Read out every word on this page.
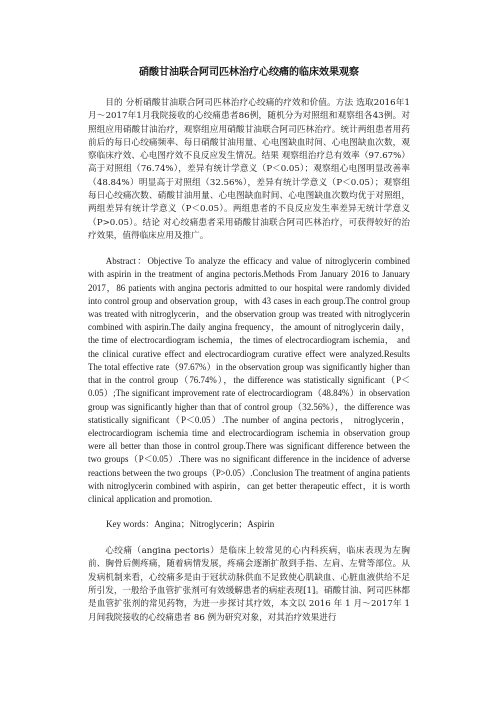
硝酸甘油联合阿司匹林治疗心绞痛的临床效果观察

目的 分析硝酸甘油联合阿司匹林治疗心绞痛的疗效和价值。方法 选取2016年1月～2017年1月我院接收的心绞痛患者86例，随机分为对照组和观察组各43例。对照组应用硝酸甘油治疗，观察组应用硝酸甘油联合阿司匹林治疗。统计两组患者用药前后的每日心绞痛频率、每日硝酸甘油用量、心电图缺血时间、心电图缺血次数，观察临床疗效、心电图疗效不良反应发生情况。结果 观察组治疗总有效率（97.67%）高于对照组（76.74%），差异有统计学意义（P＜0.05）；观察组心电图明显改善率（48.84%）明显高于对照组（32.56%），差异有统计学意义（P＜0.05）；观察组每日心绞痛次数、硝酸甘油用量、心电图缺血时间、心电图缺血次数均优于对照组，两组差异有统计学意义（P＜0.05）。两组患者的不良反应发生率差异无统计学意义（P>0.05）。结论 对心绞痛患者采用硝酸甘油联合阿司匹林治疗，可获得较好的治疗效果，值得临床应用及推广。

Abstract：Objective To analyze the efficacy and value of nitroglycerin combined with aspirin in the treatment of angina pectoris.Methods From January 2016 to January 2017，86 patients with angina pectoris admitted to our hospital were randomly divided into control group and observation group，with 43 cases in each group.The control group was treated with nitroglycerin，and the observation group was treated with nitroglycerin combined with aspirin.The daily angina frequency，the amount of nitroglycerin daily，the time of electrocardiogram ischemia，the times of electrocardiogram ischemia， and the clinical curative effect and electrocardiogram curative effect were analyzed.Results The total effective rate（97.67%）in the observation group was significantly higher than that in the control group（76.74%），the difference was statistically significant（P＜0.05）;The significant improvement rate of electrocardiogram（48.84%）in observation group was significantly higher than that of control group（32.56%），the difference was statistically significant（P＜0.05）.The number of angina pectoris， nitroglycerin， electrocardiogram ischemia time and electrocardiogram ischemia in observation group were all better than those in control group.There was significant difference between the two groups（P＜0.05）.There was no significant difference in the incidence of adverse reactions between the two groups（P>0.05）.Conclusion The treatment of angina patients with nitroglycerin combined with aspirin，can get better therapeutic effect，it is worth clinical application and promotion.

Key words：Angina；Nitroglycerin；Aspirin

心绞痛（angina pectoris）是临床上较常见的心内科疾病，临床表现为左胸前、胸骨后侧疼痛，随着病情发展，疼痛会逐渐扩散到手指、左肩、左臂等部位。从发病机制来看，心绞痛多是由于冠状动脉供血不足致使心肌缺血、心脏血液供给不足所引发，一般给予血管扩张剂可有效缓解患者的病症表现[1]。硝酸甘油、阿司匹林都是血管扩张剂的常见药物，为进一步探讨其疗效，本文以 2016 年 1 月～2017年 1 月间我院接收的心绞痛患者 86 例为研究对象，对其治疗效果进行
